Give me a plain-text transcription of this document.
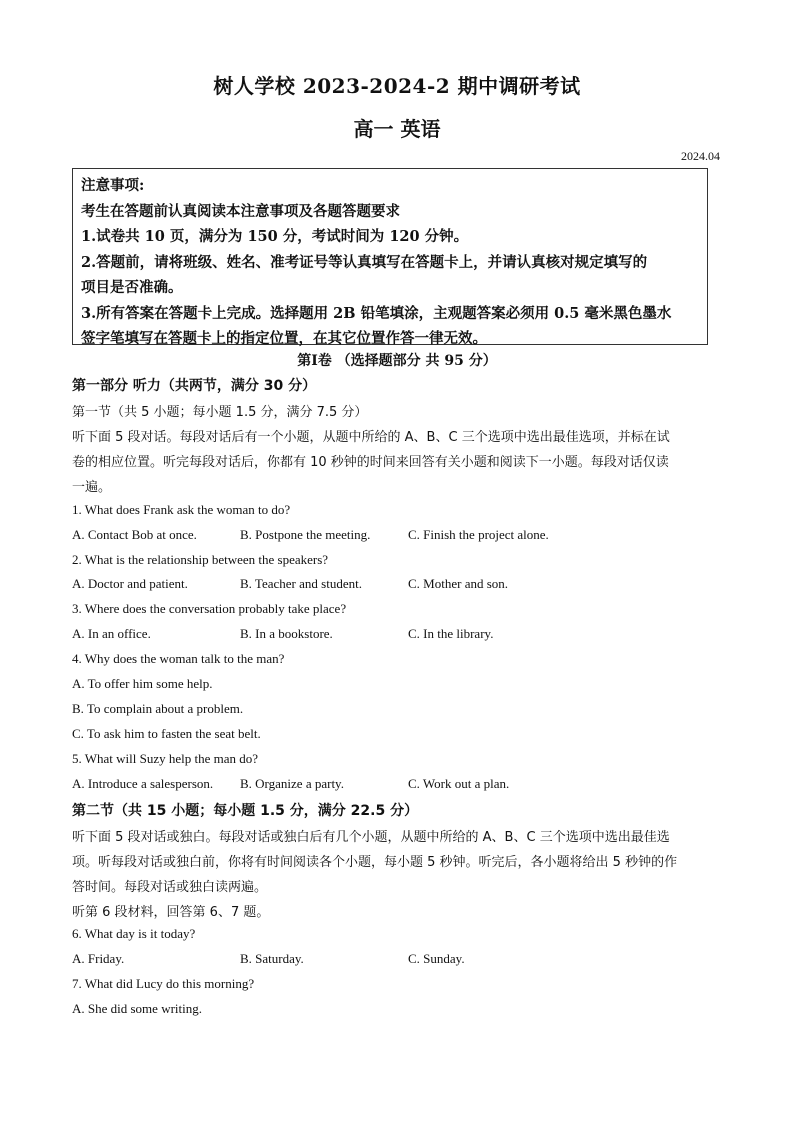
树人学校 2023-2024-2 期中调研考试
高一 英语
2024.04
注意事项:
考生在答题前认真阅读本注意事项及各题答题要求
1.试卷共 10 页，满分为 150 分，考试时间为 120 分钟。
2.答题前，请将班级、姓名、准考证号等认真填写在答题卡上，并请认真核对规定填写的
项目是否准确。
3.所有答案在答题卡上完成。选择题用 2B 铅笔填涂，主观题答案必须用 0.5 毫米黑色墨水
签字笔填写在答题卡上的指定位置，在其它位置作答一律无效。
第Ⅰ卷 （选择题部分 共 95 分）
第一部分 听力（共两节，满分 30 分）
第一节（共 5 小题；每小题 1.5 分，满分 7.5 分）
听下面 5 段对话。每段对话后有一个小题，从题中所给的 A、B、C 三个选项中选出最佳选项，并标在试
卷的相应位置。听完每段对话后，你都有 10 秒钟的时间来回答有关小题和阅读下一小题。每段对话仅读
一遍。
1. What does Frank ask the woman to do?
A. Contact Bob at once.	B. Postpone the meeting.	C. Finish the project alone.
2. What is the relationship between the speakers?
A. Doctor and patient.	B. Teacher and student.	C. Mother and son.
3. Where does the conversation probably take place?
A. In an office.	B. In a bookstore.	C. In the library.
4. Why does the woman talk to the man?
A. To offer him some help.
B. To complain about a problem.
C. To ask him to fasten the seat belt.
5. What will Suzy help the man do?
A. Introduce a salesperson. B. Organize a party.	C. Work out a plan.
第二节（共 15 小题；每小题 1.5 分，满分 22.5 分）
听下面 5 段对话或独白。每段对话或独白后有几个小题，从题中所给的 A、B、C 三个选项中选出最佳选
项。听每段对话或独白前，你将有时间阅读各个小题，每小题 5 秒钟。听完后，各小题将给出 5 秒钟的作
答时间。每段对话或独白读两遍。
听第 6 段材料，回答第 6、7 题。
6. What day is it today?
A. Friday.	B. Saturday.	C. Sunday.
7. What did Lucy do this morning?
A. She did some writing.
